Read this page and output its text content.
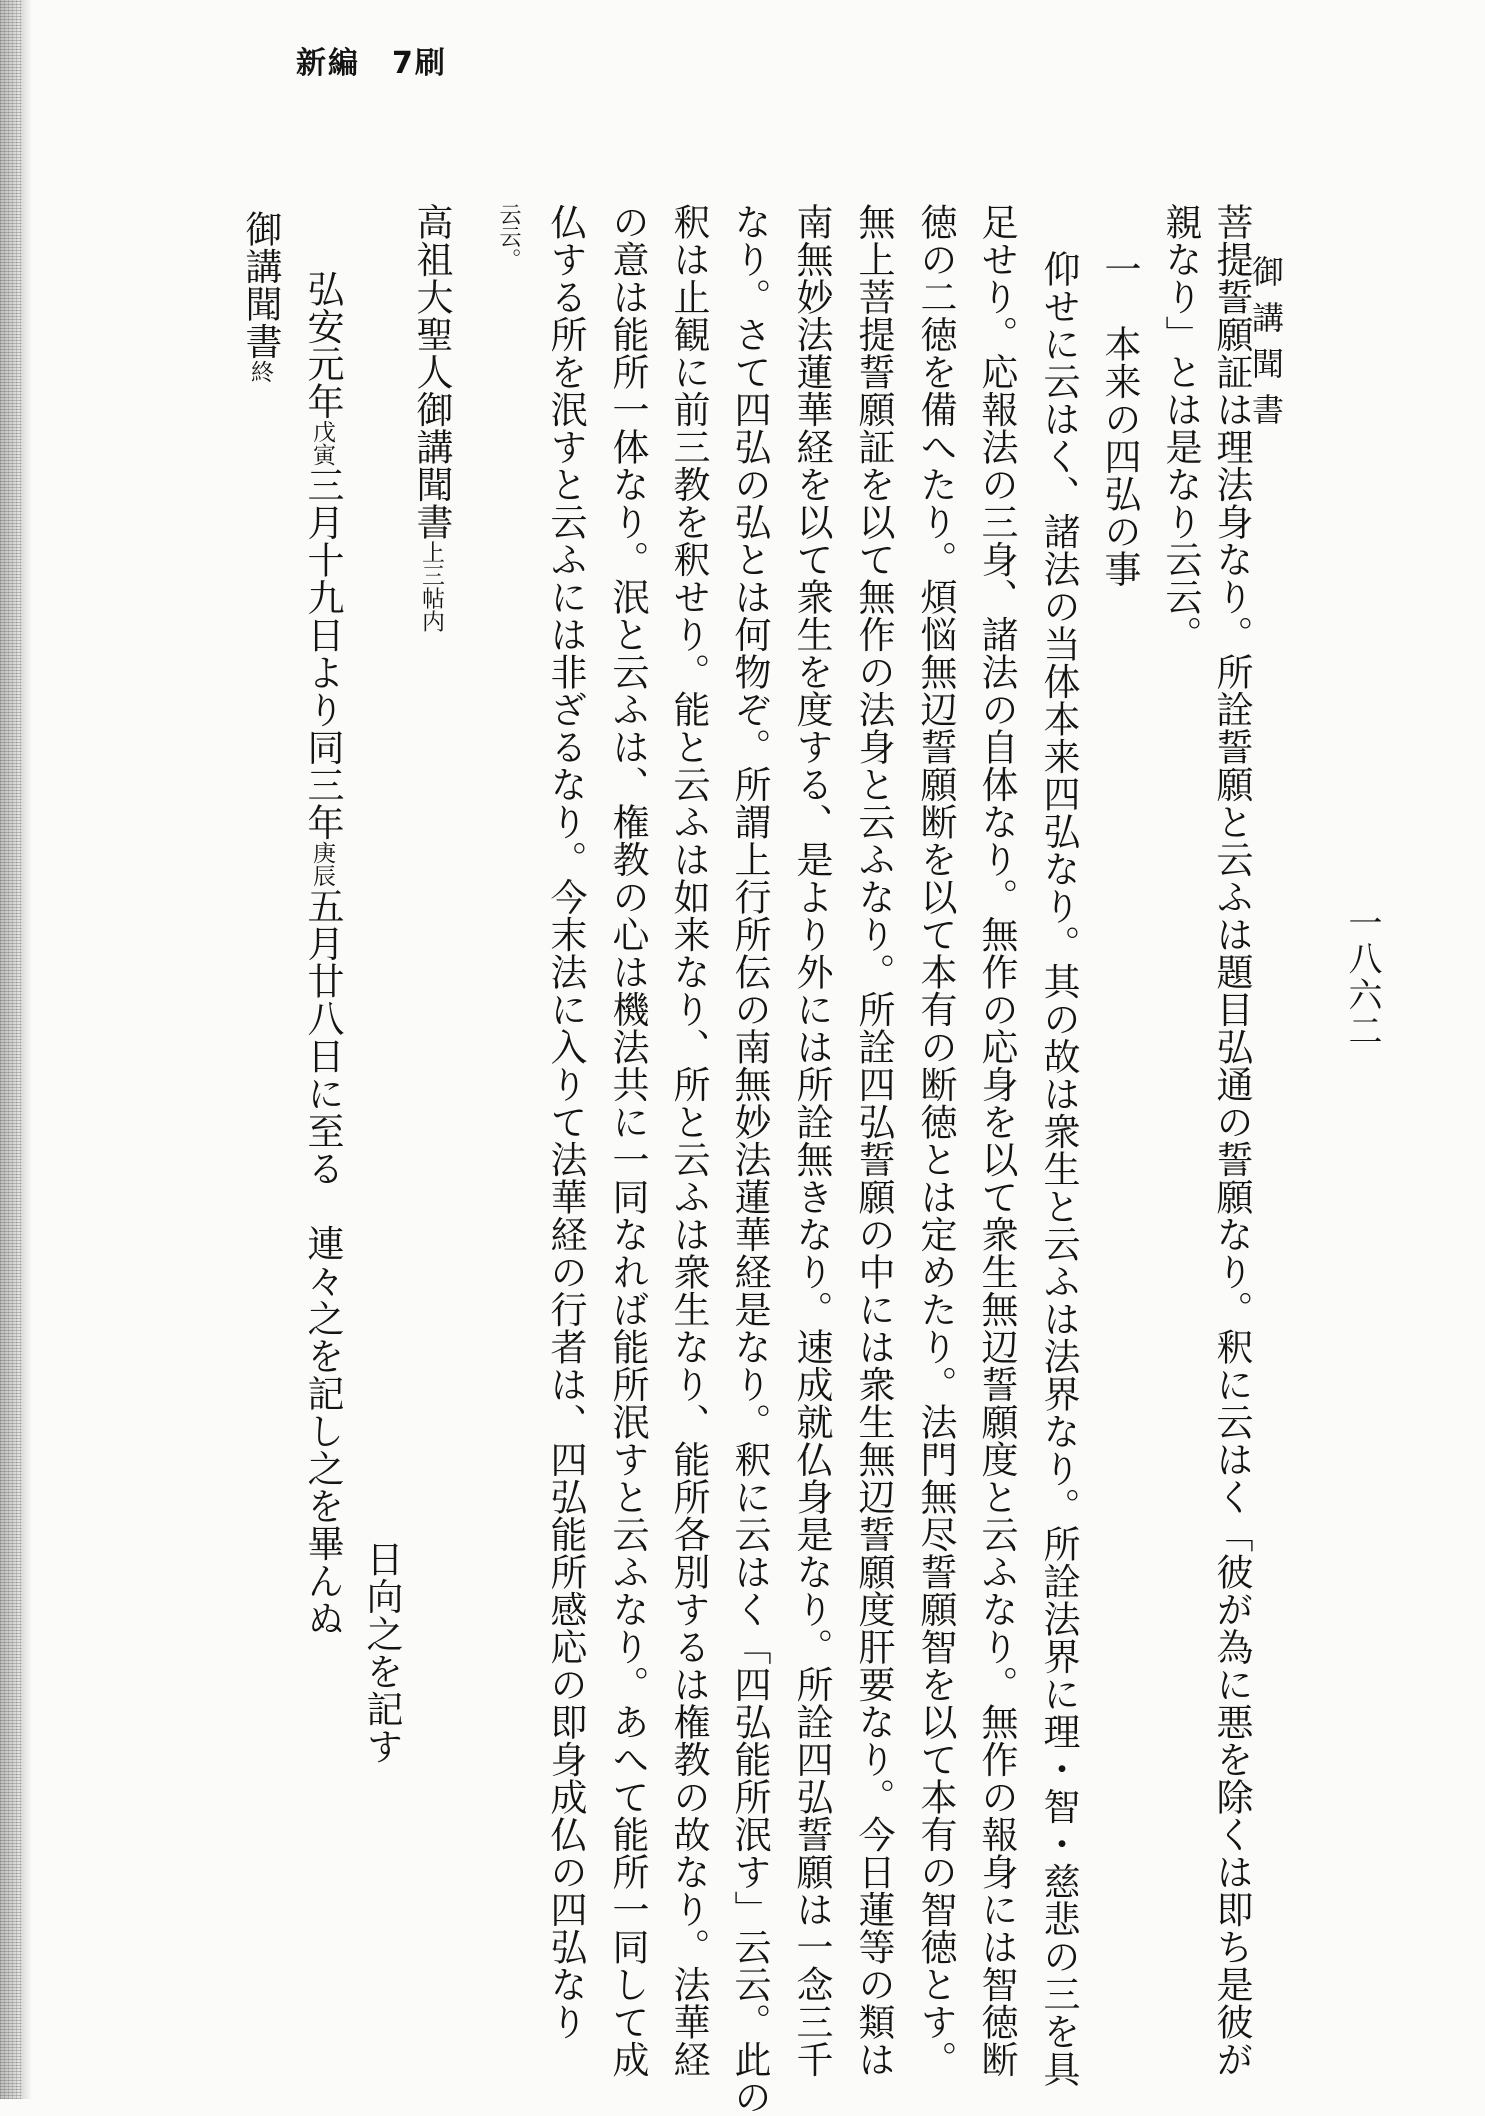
新編　7刷
御講聞書
一八六二
菩提誓願証は理法身なり。所詮誓願と云ふは題目弘通の誓願なり。釈に云はく「彼が為に悪を除くは即ち是彼が
親なり」とは是なり云云。
一　本来の四弘の事
仰せに云はく、諸法の当体本来四弘なり。其の故は衆生と云ふは法界なり。所詮法界に理・智・慈悲の三を具
足せり。応報法の三身、諸法の自体なり。無作の応身を以て衆生無辺誓願度と云ふなり。無作の報身には智徳断
徳の二徳を備へたり。煩悩無辺誓願断を以て本有の断徳とは定めたり。法門無尽誓願智を以て本有の智徳とす。
無上菩提誓願証を以て無作の法身と云ふなり。所詮四弘誓願の中には衆生無辺誓願度肝要なり。今日蓮等の類は
南無妙法蓮華経を以て衆生を度する、是より外には所詮無きなり。速成就仏身是なり。所詮四弘誓願は一念三千
なり。さて四弘の弘とは何物ぞ。所謂上行所伝の南無妙法蓮華経是なり。釈に云はく「四弘能所泯す」云云。此の
釈は止観に前三教を釈せり。能と云ふは如来なり、所と云ふは衆生なり、能所各別するは権教の故なり。法華経
の意は能所一体なり。泯と云ふは、権教の心は機法共に一同なれば能所泯すと云ふなり。あへて能所一同して成
仏する所を泯すと云ふには非ざるなり。今末法に入りて法華経の行者は、四弘能所感応の即身成仏の四弘なり
云云。
日向之を記す
高祖大聖人御講聞書上三帖内
弘安元年戊寅三月十九日より同三年庚辰五月廿八日に至る　連々之を記し之を畢んぬ
御講聞書終
